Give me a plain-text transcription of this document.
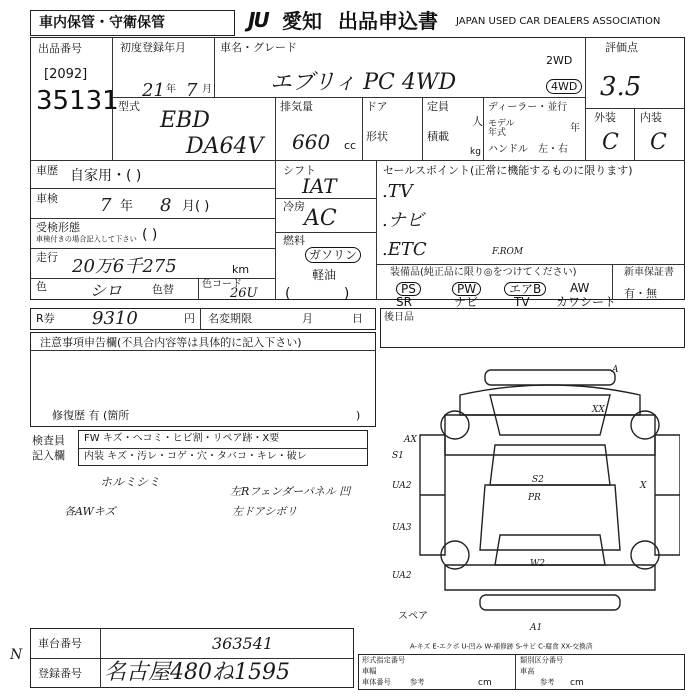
車内保管・守衛保管	JU 愛知 出品申込書 JAPAN USED CAR DEALERS ASSOCIATION
出品番号
[2092]
35131
初度登録年月
21 年 7 月
車名・グレード
エブリィ PC 4WD
2WD
4WD
評価点
3.5
外装 内装
C C
型式
EBD
DA64V
排気量
660 cc
ドア
形状
定員
人
積載
kg
ディーラー・並行
モデル年式	年
ハンドル 左・右
車歴 自家用・( )
車検 7 年 8 月( )
受検形態
車検付きの場合記入して下さい ( )
走行 20万6千275	km
色	シロ	色替	色コード
26U
シフト
IAT
冷房 AC
燃料
ガソリン
軽油
(            )
セールスポイント(正常に機能するものに限ります)
.TV
.ナビ
.ETC	F.ROM
装備品(純正品に限り◎をつけてください)	新車保証書
有・無
PS	PW	エアB	AW
SR	ナビ	TV カワシート
R券 9310	円 名変期限	月	日 後日品
注意事項申告欄(不具合内容等は具体的に記入下さい)
修復歴 有 (箇所	)
検査員
記入欄
FW キズ・ヘコミ・ヒビ割・リペア跡・X要
内装 キズ・汚レ・コゲ・穴・タバコ・キレ・破レ
ホルミシミ
各AWキズ
左Rフェンダーパネル 凹
左ドアシボリ
A
XX
S1
UA2
UA3
UA2
A1
S2
PR
W2
X
AX
スペア
A-キズ E-エクボ U-凹み W-補修跡 S-サビ C-腐食 XX-交換済
車台番号	363541
登録番号 名古屋480ね1595
N	形式指定番号
車幅
車体番号 参考	cm
類別区分番号
車高
参考 cm
